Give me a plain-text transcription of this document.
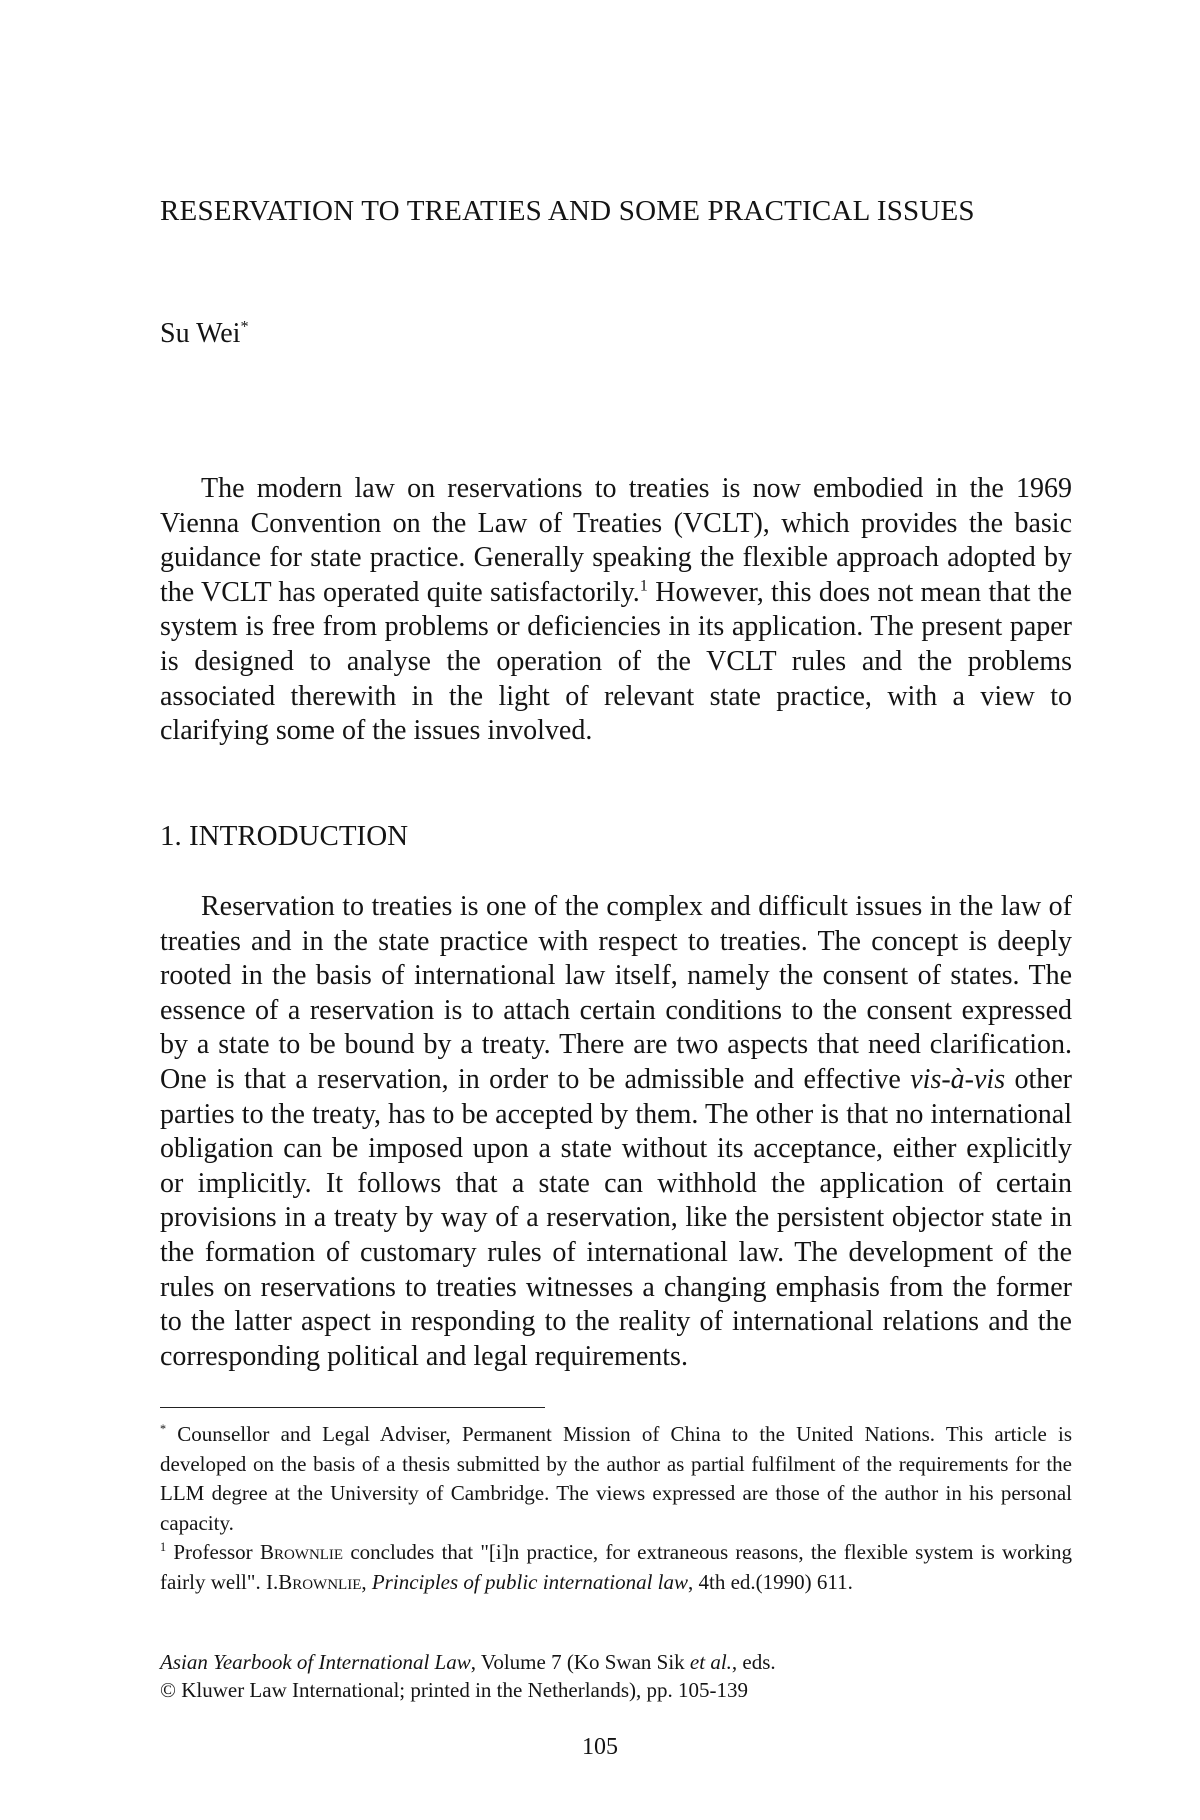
RESERVATION TO TREATIES AND SOME PRACTICAL ISSUES
Su Wei*

The modern law on reservations to treaties is now embodied in the 1969 Vienna Convention on the Law of Treaties (VCLT), which provides the basic guidance for state practice. Generally speaking the flexible approach adopted by the VCLT has operated quite satisfactorily.$^1$ However, this does not mean that the system is free from problems or deficiencies in its application. The present paper is designed to analyse the operation of the VCLT rules and the problems associated therewith in the light of relevant state practice, with a view to clarifying some of the issues involved.

1. INTRODUCTION

Reservation to treaties is one of the complex and difficult issues in the law of treaties and in the state practice with respect to treaties. The concept is deeply rooted in the basis of international law itself, namely the consent of states. The essence of a reservation is to attach certain conditions to the consent expressed by a state to be bound by a treaty. There are two aspects that need clarification. One is that a reservation, in order to be admissible and effective vis-à-vis other parties to the treaty, has to be accepted by them. The other is that no international obligation can be imposed upon a state without its acceptance, either explicitly or implicitly. It follows that a state can withhold the application of certain provisions in a treaty by way of a reservation, like the persistent objector state in the formation of customary rules of international law. The development of the rules on reservations to treaties witnesses a changing emphasis from the former to the latter aspect in responding to the reality of international relations and the corresponding political and legal requirements.

* Counsellor and Legal Adviser, Permanent Mission of China to the United Nations. This article is developed on the basis of a thesis submitted by the author as partial fulfilment of the requirements for the LLM degree at the University of Cambridge. The views expressed are those of the author in his personal capacity.

$^1$ Professor Brownlie concludes that "[i]n practice, for extraneous reasons, the flexible system is working fairly well". I.Brownlie, Principles of public international law, 4th ed.(1990) 611.

Asian Yearbook of International Law, Volume 7 (Ko Swan Sik et al., eds.

© Kluwer Law International; printed in the Netherlands), pp. 105-139

105
